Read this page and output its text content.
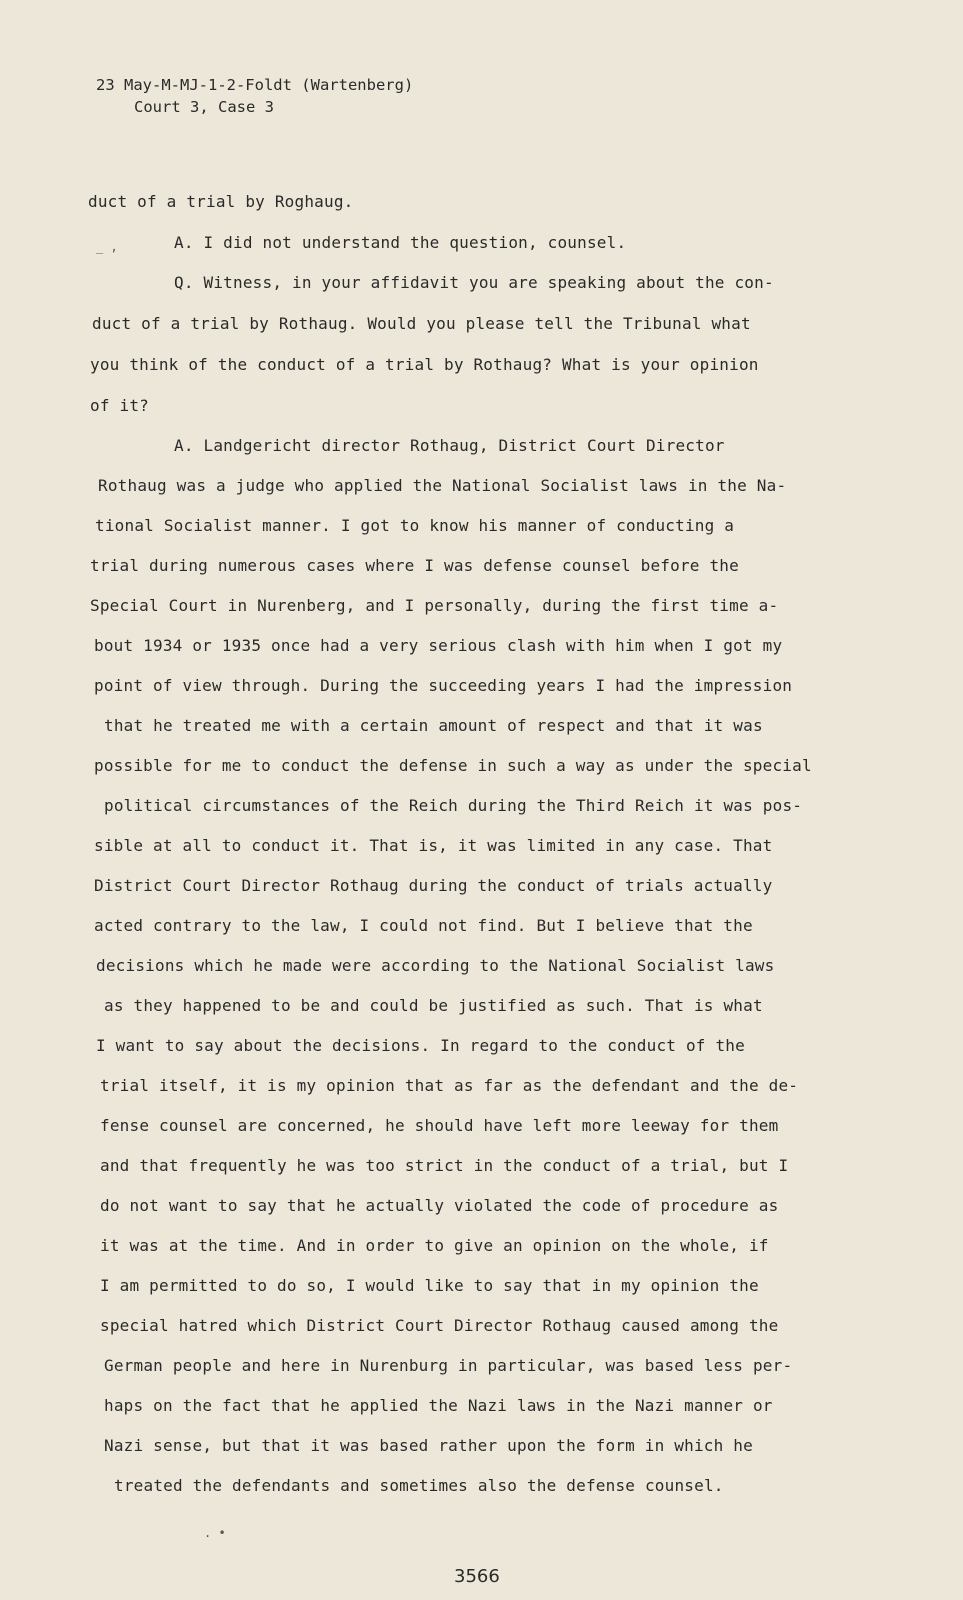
23 May-M-MJ-1-2-Foldt (Wartenberg)
Court 3, Case 3
duct of a trial by Roghaug.
_ ,	A. I did not understand the question, counsel.
Q. Witness, in your affidavit you are speaking about the con-
duct of a trial by Rothaug. Would you please tell the Tribunal what
you think of the conduct of a trial by Rothaug? What is your opinion
of it?
A. Landgericht director Rothaug, District Court Director
Rothaug was a judge who applied the National Socialist laws in the Na-
tional Socialist manner. I got to know his manner of conducting a
trial during numerous cases where I was defense counsel before the
Special Court in Nurenberg, and I personally, during the first time a-
bout 1934 or 1935 once had a very serious clash with him when I got my
point of view through. During the succeeding years I had the impression
that he treated me with a certain amount of respect and that it was
possible for me to conduct the defense in such a way as under the special
political circumstances of the Reich during the Third Reich it was pos-
sible at all to conduct it. That is, it was limited in any case. That
District Court Director Rothaug during the conduct of trials actually
acted contrary to the law, I could not find. But I believe that the
decisions which he made were according to the National Socialist laws
as they happened to be and could be justified as such. That is what
I want to say about the decisions. In regard to the conduct of the
trial itself, it is my opinion that as far as the defendant and the de-
fense counsel are concerned, he should have left more leeway for them
and that frequently he was too strict in the conduct of a trial, but I
do not want to say that he actually violated the code of procedure as
it was at the time. And in order to give an opinion on the whole, if
I am permitted to do so, I would like to say that in my opinion the
special hatred which District Court Director Rothaug caused among the
German people and here in Nurenburg in particular, was based less per-
haps on the fact that he applied the Nazi laws in the Nazi manner or
Nazi sense, but that it was based rather upon the form in which he
treated the defendants and sometimes also the defense counsel.
. •
3566
